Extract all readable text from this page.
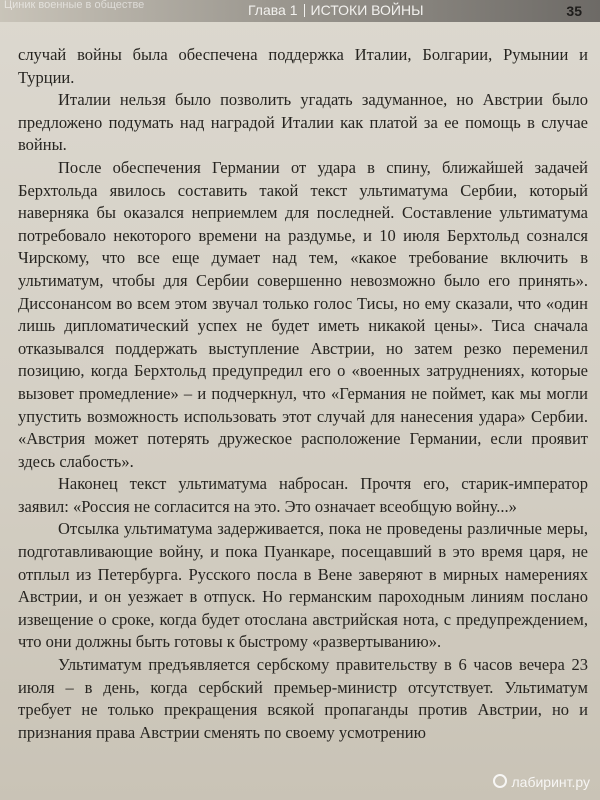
Циник военные в обществе	Глава 1 ИСТОКИ ВОЙНЫ	35

случай войны была обеспечена поддержка Италии, Болгарии, Румынии и Турции.

Италии нельзя было позволить угадать задуманное, но Австрии было предложено подумать над наградой Италии как платой за ее помощь в случае войны.

После обеспечения Германии от удара в спину, ближайшей задачей Берхтольда явилось составить такой текст ультиматума Сербии, который наверняка бы оказался неприемлем для последней. Составление ультиматума потребовало некоторого времени на раздумье, и 10 июля Берхтольд сознался Чирскому, что все еще думает над тем, «какое требование включить в ультиматум, чтобы для Сербии совершенно невозможно было его принять». Диссонансом во всем этом звучал только голос Тисы, но ему сказали, что «один лишь дипломатический успех не будет иметь никакой цены». Тиса сначала отказывался поддержать выступление Австрии, но затем резко переменил позицию, когда Берхтольд предупредил его о «военных затруднениях, которые вызовет промедление» – и подчеркнул, что «Германия не поймет, как мы могли упустить возможность использовать этот случай для нанесения удара» Сербии. «Австрия может потерять дружеское расположение Германии, если проявит здесь слабость».

Наконец текст ультиматума набросан. Прочтя его, старик-император заявил: «Россия не согласится на это. Это означает всеобщую войну...»

Отсылка ультиматума задерживается, пока не проведены различные меры, подготавливающие войну, и пока Пуанкаре, посещавший в это время царя, не отплыл из Петербурга. Русского посла в Вене заверяют в мирных намерениях Австрии, и он уезжает в отпуск. Но германским пароходным линиям послано извещение о сроке, когда будет отослана австрийская нота, с предупреждением, что они должны быть готовы к быстрому «развертыванию».

Ультиматум предъявляется сербскому правительству в 6 часов вечера 23 июля – в день, когда сербский премьер-министр отсутствует. Ультиматум требует не только прекращения всякой пропаганды против Австрии, но и признания права Австрии сменять по своему усмотрению

лабиринт.ру
